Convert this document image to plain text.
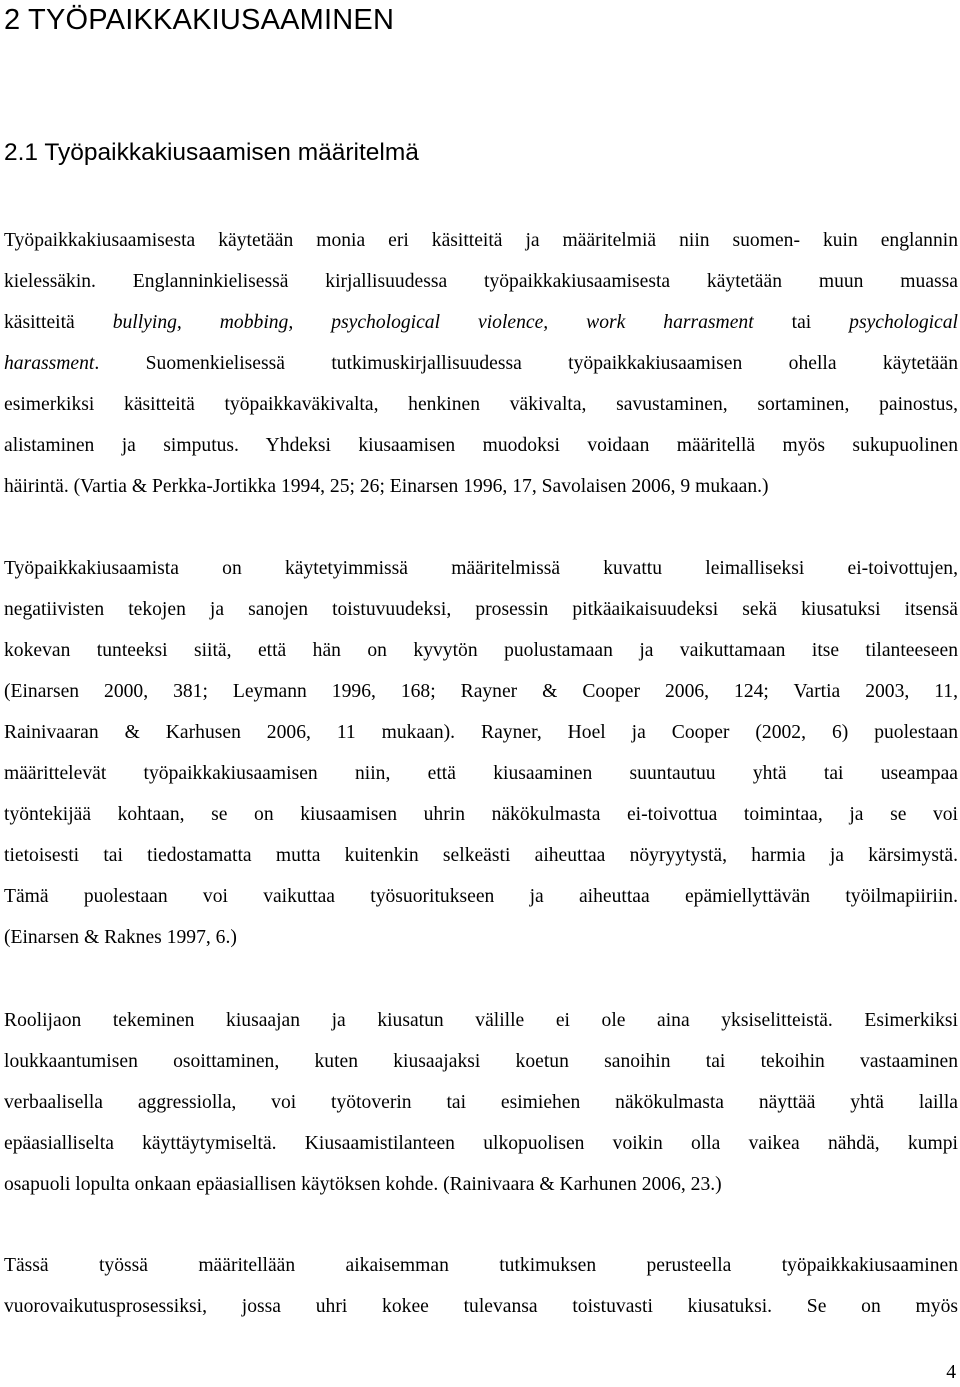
2 TYÖPAIKKAKIUSAAMINEN
2.1 Työpaikkakiusaamisen määritelmä
Työpaikkakiusaamisesta käytetään monia eri käsitteitä ja määritelmiä niin suomen- kuin englannin
kielessäkin. Englanninkielisessä kirjallisuudessa työpaikkakiusaamisesta käytetään muun muassa
käsitteitä bullying, mobbing, psychological violence, work harrasment tai psychological
harassment. Suomenkielisessä tutkimuskirjallisuudessa työpaikkakiusaamisen ohella käytetään
esimerkiksi käsitteitä työpaikkaväkivalta, henkinen väkivalta, savustaminen, sortaminen, painostus,
alistaminen ja simputus. Yhdeksi kiusaamisen muodoksi voidaan määritellä myös sukupuolinen
häirintä. (Vartia & Perkka-Jortikka 1994, 25; 26; Einarsen 1996, 17, Savolaisen 2006, 9 mukaan.)
Työpaikkakiusaamista on käytetyimmissä määritelmissä kuvattu leimalliseksi ei-toivottujen,
negatiivisten tekojen ja sanojen toistuvuudeksi, prosessin pitkäaikaisuudeksi sekä kiusatuksi itsensä
kokevan tunteeksi siitä, että hän on kyvytön puolustamaan ja vaikuttamaan itse tilanteeseen
(Einarsen 2000, 381; Leymann 1996, 168; Rayner & Cooper 2006, 124; Vartia 2003, 11,
Rainivaaran & Karhusen 2006, 11 mukaan). Rayner, Hoel ja Cooper (2002, 6) puolestaan
määrittelevät työpaikkakiusaamisen niin, että kiusaaminen suuntautuu yhtä tai useampaa
työntekijää kohtaan, se on kiusaamisen uhrin näkökulmasta ei-toivottua toimintaa, ja se voi
tietoisesti tai tiedostamatta mutta kuitenkin selkeästi aiheuttaa nöyryytystä, harmia ja kärsimystä.
Tämä puolestaan voi vaikuttaa työsuoritukseen ja aiheuttaa epämiellyttävän työilmapiiriin.
(Einarsen & Raknes 1997, 6.)
Roolijaon tekeminen kiusaajan ja kiusatun välille ei ole aina yksiselitteistä. Esimerkiksi
loukkaantumisen osoittaminen, kuten kiusaajaksi koetun sanoihin tai tekoihin vastaaminen
verbaalisella aggressiolla, voi työtoverin tai esimiehen näkökulmasta näyttää yhtä lailla
epäasialliselta käyttäytymiseltä. Kiusaamistilanteen ulkopuolisen voikin olla vaikea nähdä, kumpi
osapuoli lopulta onkaan epäasiallisen käytöksen kohde. (Rainivaara & Karhunen 2006, 23.)
Tässä työssä määritellään aikaisemman tutkimuksen perusteella työpaikkakiusaaminen
vuorovaikutusprosessiksi, jossa uhri kokee tulevansa toistuvasti kiusatuksi. Se on myös
4
